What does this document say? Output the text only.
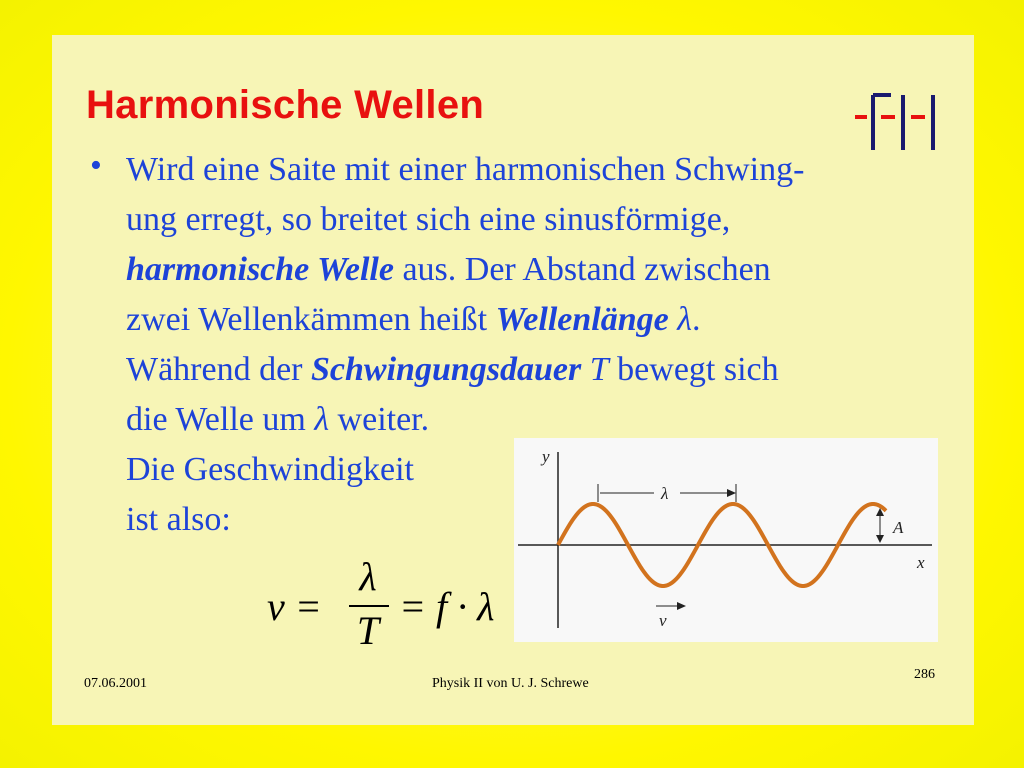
Harmonische Wellen
• Wird eine Saite mit einer harmonischen Schwing-
ung erregt, so breitet sich eine sinusförmige,
harmonische Welle aus. Der Abstand zwischen
zwei Wellenkämmen heißt Wellenlänge λ.
Während der Schwingungsdauer T bewegt sich
die Welle um λ weiter.
Die Geschwindigkeit
ist also:

v =
λ
T
= f · λ
y
x
λ
A
v
07.06.2001	Physik II von U. J. Schrewe
286
